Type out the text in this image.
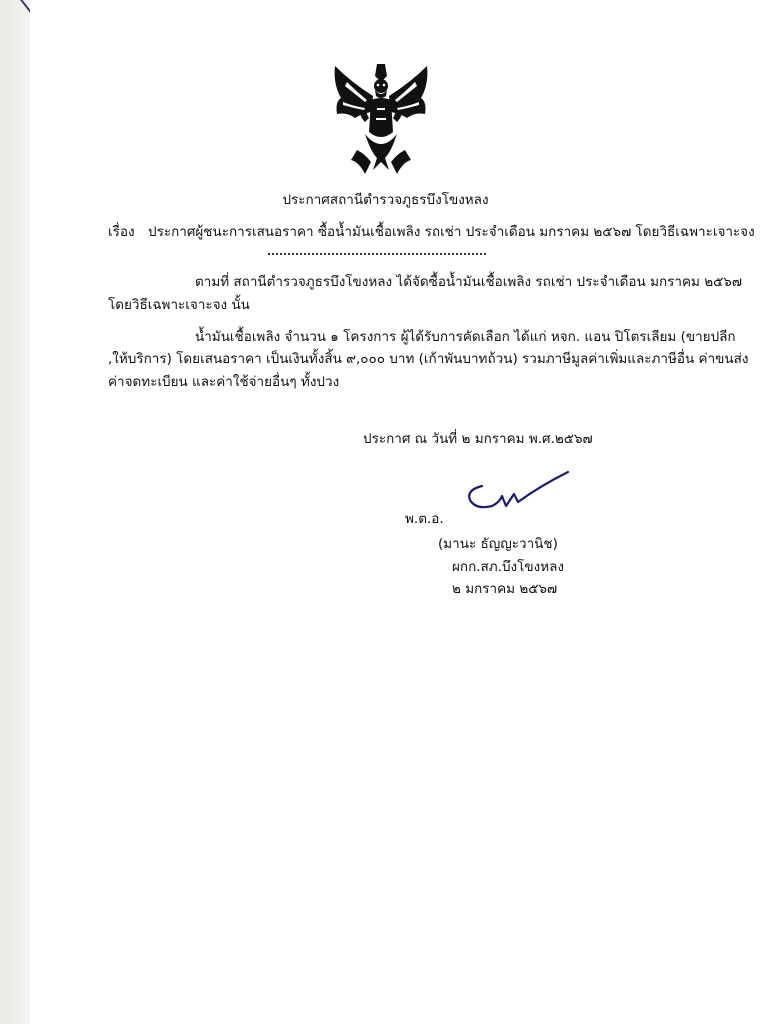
ประกาศสถานีตำรวจภูธรบึงโขงหลง
เรื่อง ประกาศผู้ชนะการเสนอราคา ซื้อน้ำมันเชื้อเพลิง รถเช่า ประจำเดือน มกราคม ๒๕๖๗ โดยวิธีเฉพาะเจาะจง
ตามที่ สถานีตำรวจภูธรบึงโขงหลง ได้จัดซื้อน้ำมันเชื้อเพลิง รถเช่า ประจำเดือน มกราคม ๒๕๖๗
โดยวิธีเฉพาะเจาะจง นั้น
น้ำมันเชื้อเพลิง จำนวน ๑ โครงการ ผู้ได้รับการคัดเลือก ได้แก่ หจก. แอน ปิโตรเลียม (ขายปลีก
,ให้บริการ) โดยเสนอราคา เป็นเงินทั้งสิ้น ๙,๐๐๐ บาท (เก้าพันบาทถ้วน) รวมภาษีมูลค่าเพิ่มและภาษีอื่น ค่าขนส่ง
ค่าจดทะเบียน และค่าใช้จ่ายอื่นๆ ทั้งปวง
ประกาศ ณ วันที่ ๒ มกราคม พ.ศ.๒๕๖๗
พ.ต.อ.
(มานะ ธัญญะวานิช)
ผกก.สภ.บึงโขงหลง
๒ มกราคม ๒๕๖๗
